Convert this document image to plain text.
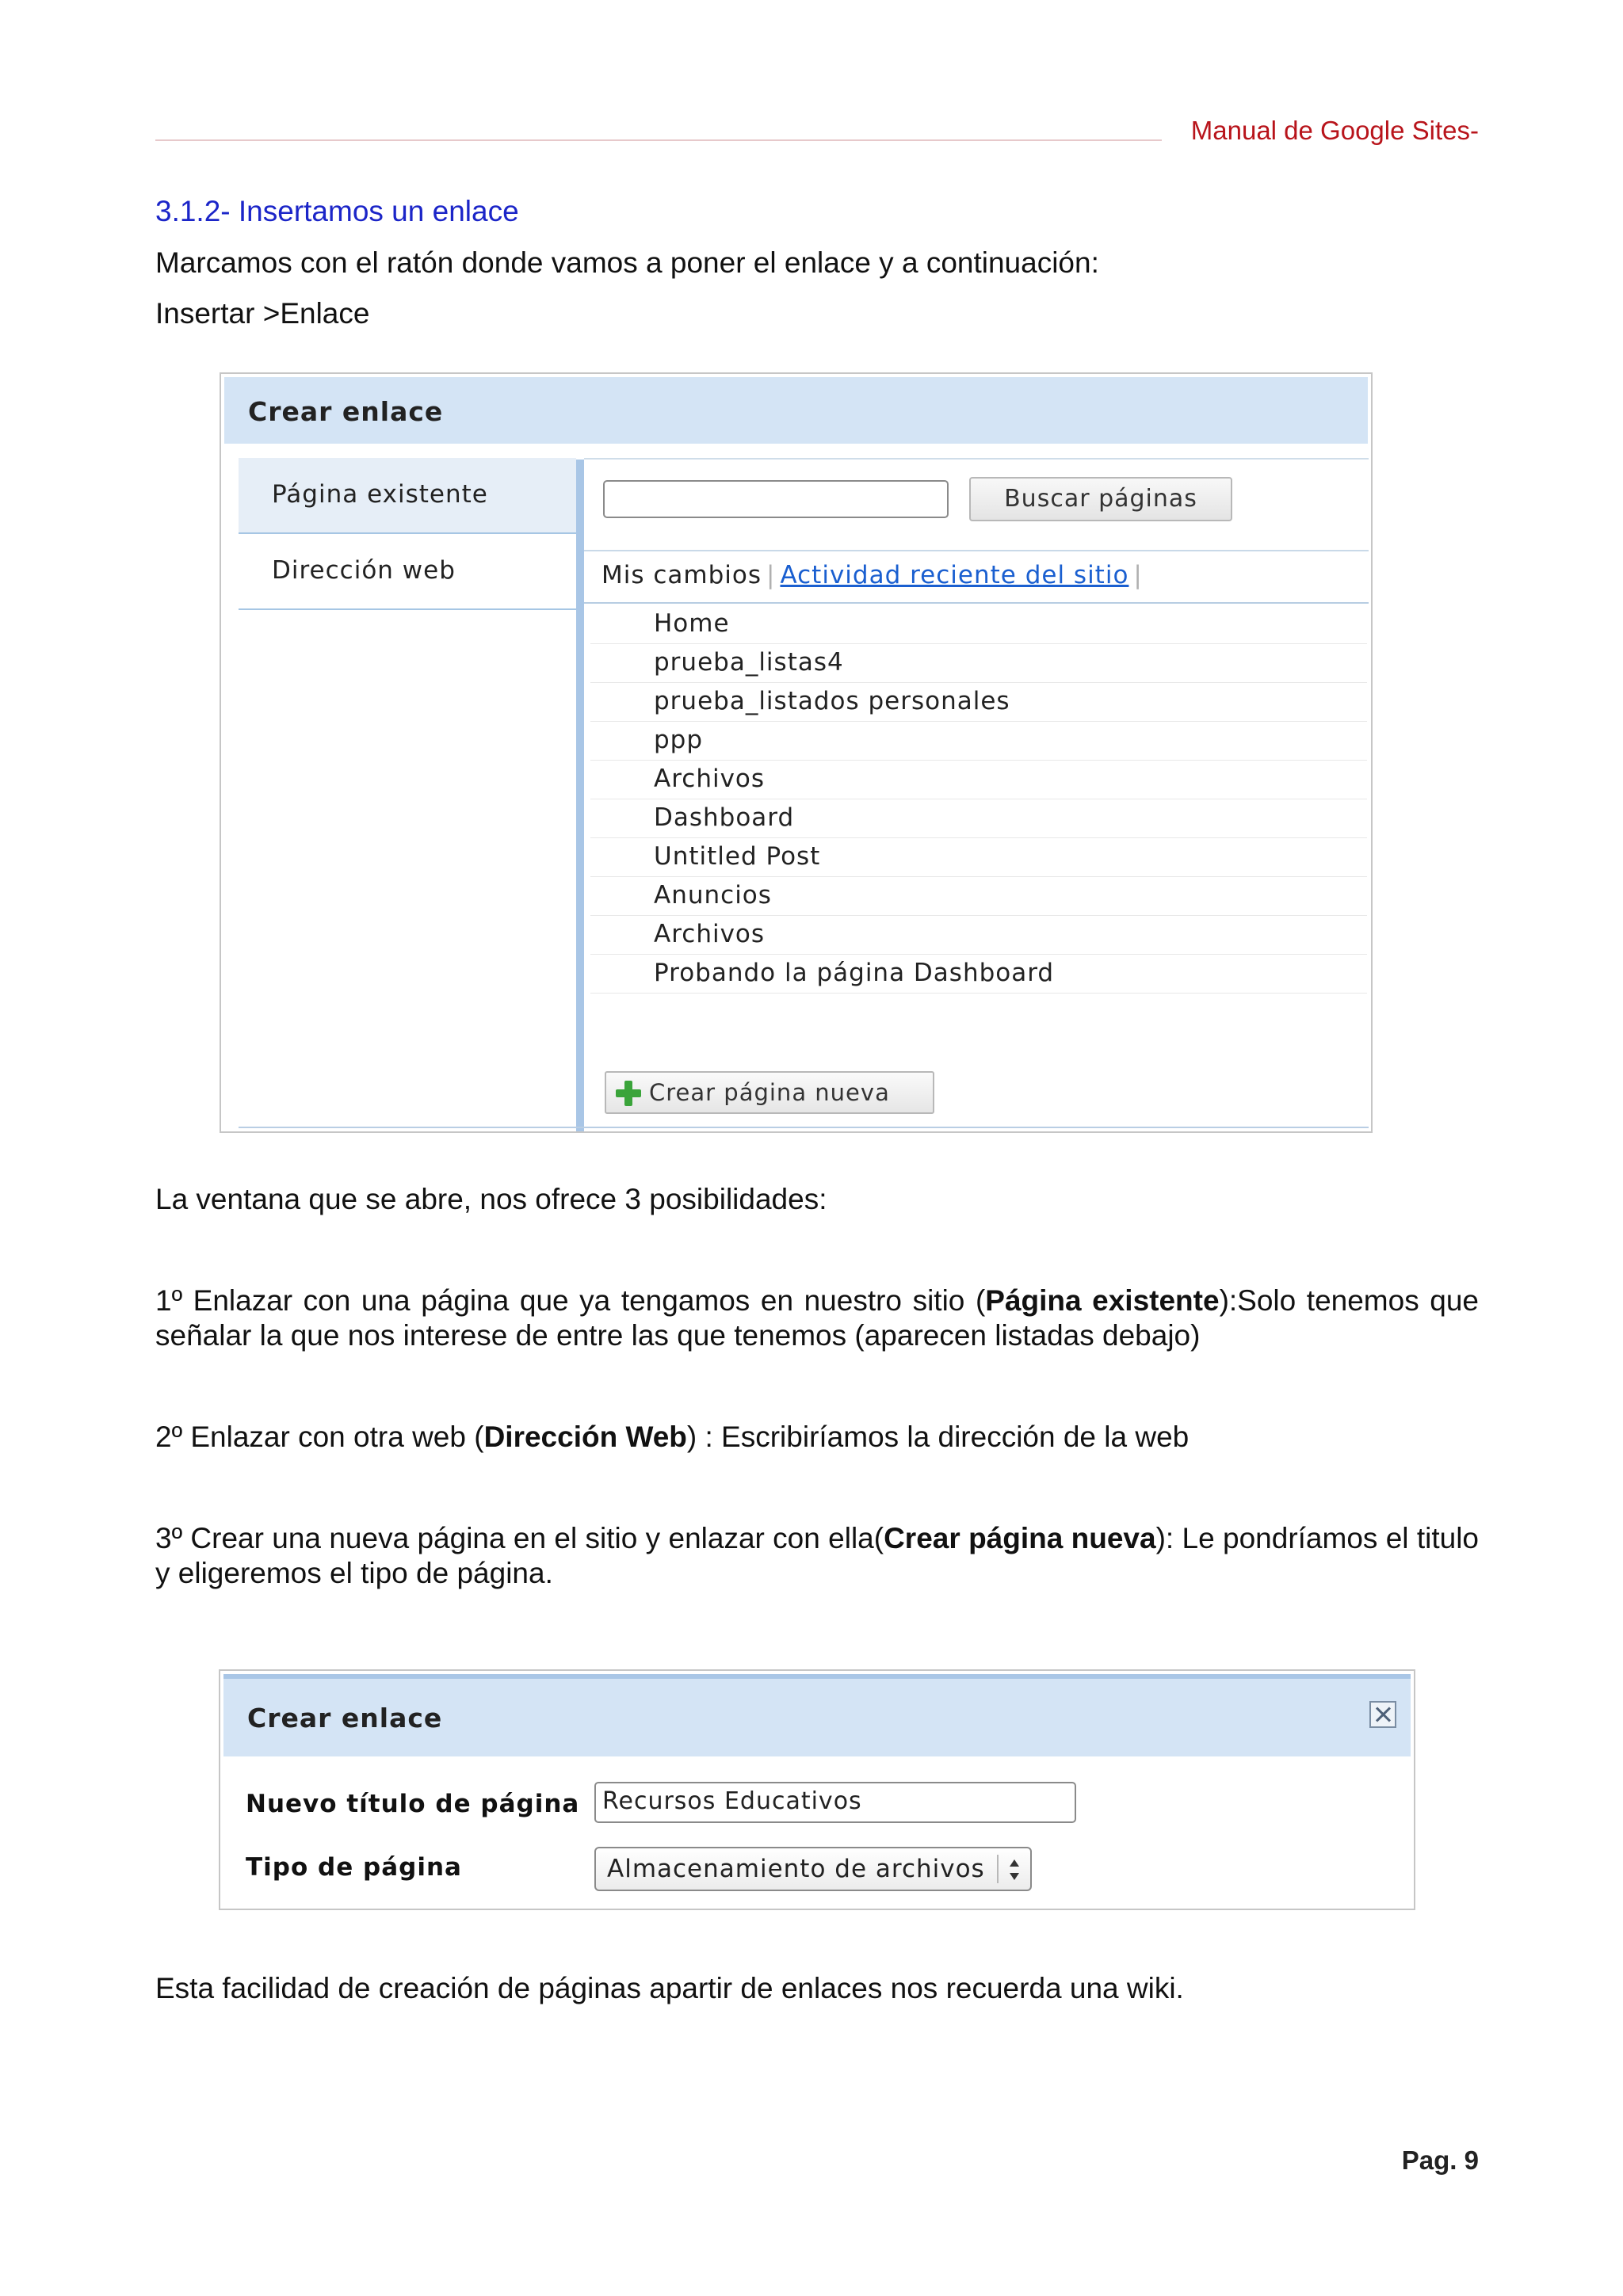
Manual de Google Sites-
3.1.2- Insertamos un enlace
Marcamos con el ratón donde vamos a poner el enlace y a continuación:
Insertar >Enlace
Crear enlace
Página existente
Dirección web
Buscar páginas
Mis cambios | Actividad reciente del sitio |
Home
prueba_listas4
prueba_listados personales
ppp
Archivos
Dashboard
Untitled Post
Anuncios
Archivos
Probando la página Dashboard
Crear página nueva
La ventana que se abre, nos ofrece 3 posibilidades:
1º Enlazar con una página que ya tengamos en nuestro sitio (Página existente):Solo tenemos que señalar la que nos interese de entre las que tenemos (aparecen listadas debajo)
2º Enlazar con otra web (Dirección Web) : Escribiríamos la dirección de la web
3º Crear una nueva página en el sitio y enlazar con ella(Crear página nueva): Le pondríamos el titulo y eligeremos el tipo de página.
Crear enlace
Nuevo título de página Recursos Educativos
Tipo de página	Almacenamiento de archivos
Esta facilidad de creación de páginas apartir de enlaces nos recuerda una wiki.
Pag. 9
